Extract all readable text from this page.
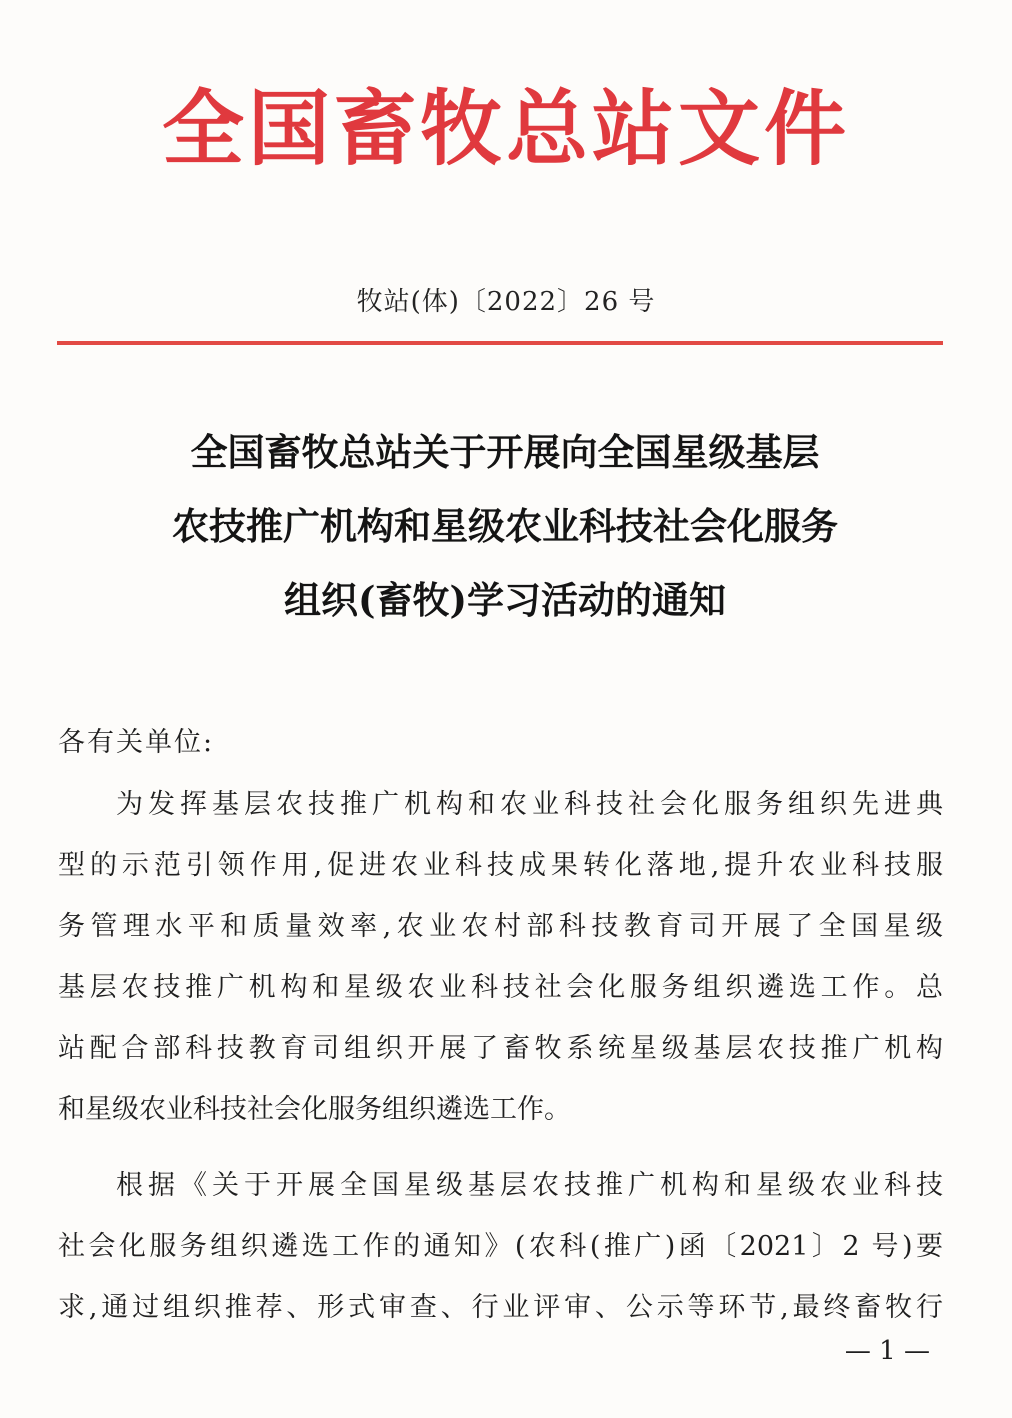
全国畜牧总站文件
牧站(体)〔2022〕26 号
全国畜牧总站关于开展向全国星级基层
农技推广机构和星级农业科技社会化服务
组织(畜牧)学习活动的通知
各有关单位:
为发挥基层农技推广机构和农业科技社会化服务组织先进典
型的示范引领作用,促进农业科技成果转化落地,提升农业科技服
务管理水平和质量效率,农业农村部科技教育司开展了全国星级
基层农技推广机构和星级农业科技社会化服务组织遴选工作。总
站配合部科技教育司组织开展了畜牧系统星级基层农技推广机构
和星级农业科技社会化服务组织遴选工作。
根据《关于开展全国星级基层农技推广机构和星级农业科技
社会化服务组织遴选工作的通知》(农科(推广)函〔2021〕2 号)要
求,通过组织推荐、形式审查、行业评审、公示等环节,最终畜牧行
— 1 —
